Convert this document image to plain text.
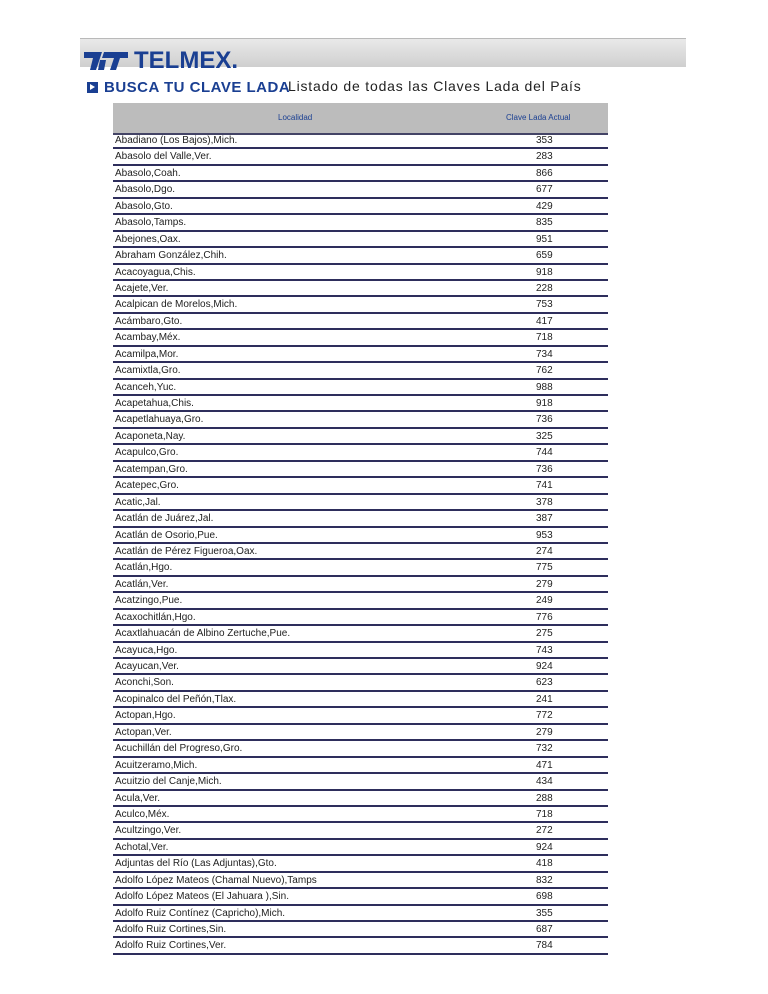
TELMEX.
BUSCA TU CLAVE LADA
Listado de todas las Claves Lada del País
Localidad	Clave Lada Actual
Abadiano (Los Bajos),Mich.	353
Abasolo del Valle,Ver.	283
Abasolo,Coah.	866
Abasolo,Dgo.	677
Abasolo,Gto.	429
Abasolo,Tamps.	835
Abejones,Oax.	951
Abraham González,Chih.	659
Acacoyagua,Chis.	918
Acajete,Ver.	228
Acalpican de Morelos,Mich.	753
Acámbaro,Gto.	417
Acambay,Méx.	718
Acamilpa,Mor.	734
Acamixtla,Gro.	762
Acanceh,Yuc.	988
Acapetahua,Chis.	918
Acapetlahuaya,Gro.	736
Acaponeta,Nay.	325
Acapulco,Gro.	744
Acatempan,Gro.	736
Acatepec,Gro.	741
Acatic,Jal.	378
Acatlán de Juárez,Jal.	387
Acatlán de Osorio,Pue.	953
Acatlán de Pérez Figueroa,Oax.	274
Acatlán,Hgo.	775
Acatlán,Ver.	279
Acatzingo,Pue.	249
Acaxochitlán,Hgo.	776
Acaxtlahuacán de Albino Zertuche,Pue.	275
Acayuca,Hgo.	743
Acayucan,Ver.	924
Aconchi,Son.	623
Acopinalco del Peñón,Tlax.	241
Actopan,Hgo.	772
Actopan,Ver.	279
Acuchillán del Progreso,Gro.	732
Acuitzeramo,Mich.	471
Acuitzio del Canje,Mich.	434
Acula,Ver.	288
Aculco,Méx.	718
Acultzingo,Ver.	272
Achotal,Ver.	924
Adjuntas del Río (Las Adjuntas),Gto.	418
Adolfo López Mateos (Chamal Nuevo),Tamps	832
Adolfo López Mateos (El Jahuara ),Sin.	698
Adolfo Ruiz Contínez (Capricho),Mich.	355
Adolfo Ruiz Cortines,Sin.	687
Adolfo Ruiz Cortines,Ver.	784
